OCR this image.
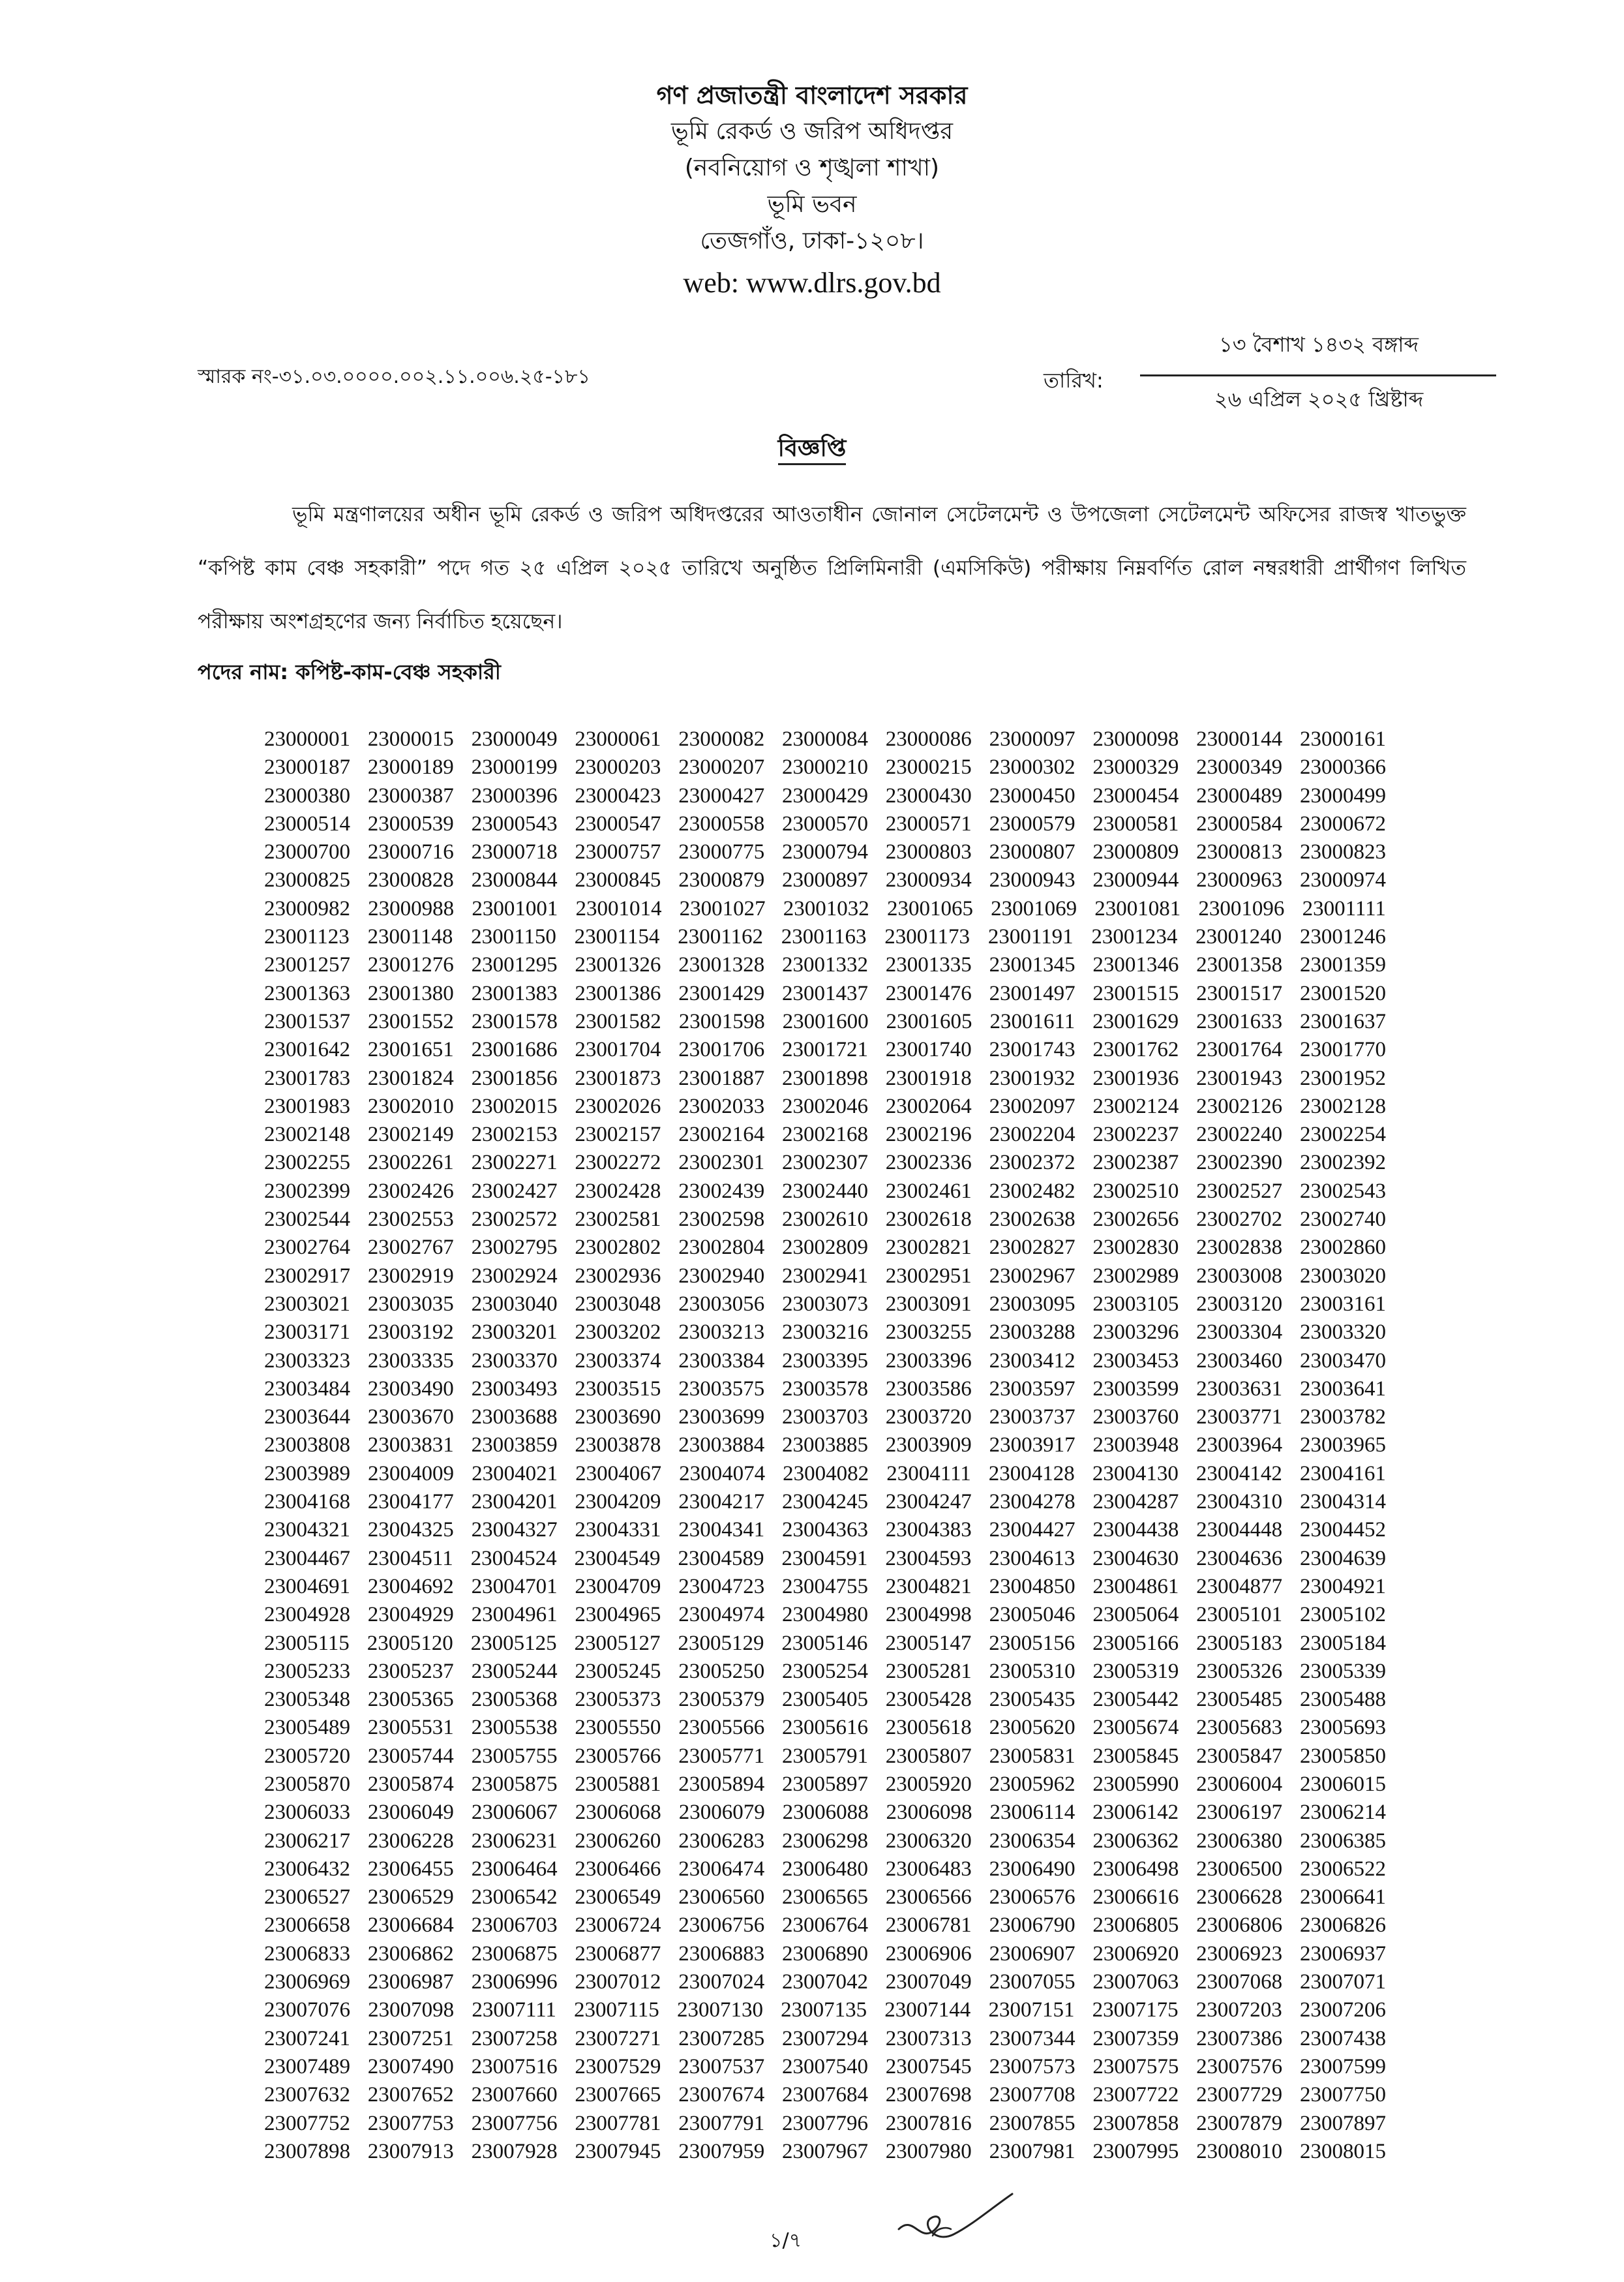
গণ প্রজাতন্ত্রী বাংলাদেশ সরকার
ভূমি রেকর্ড ও জরিপ অধিদপ্তর
(নবনিয়োগ ও শৃঙ্খলা শাখা)
ভূমি ভবন
তেজগাঁও, ঢাকা-১২০৮।
web: www.dlrs.gov.bd
স্মারক নং-৩১.০৩.০০০০.০০২.১১.০০৬.২৫-১৮১	তারিখ:
১৩ বৈশাখ ১৪৩২ বঙ্গাব্দ
২৬ এপ্রিল ২০২৫ খ্রিষ্টাব্দ
বিজ্ঞপ্তি
ভূমি মন্ত্রণালয়ের অধীন ভূমি রেকর্ড ও জরিপ অধিদপ্তরের আওতাধীন জোনাল সেটেলমেন্ট ও উপজেলা সেটেলমেন্ট অফিসের রাজস্ব খাতভুক্ত “কপিষ্ট কাম বেঞ্চ সহকারী” পদে গত ২৫ এপ্রিল ২০২৫ তারিখে অনুষ্ঠিত প্রিলিমিনারী (এমসিকিউ) পরীক্ষায় নিম্নবর্ণিত রোল নম্বরধারী প্রার্থীগণ লিখিত পরীক্ষায় অংশগ্রহণের জন্য নির্বাচিত হয়েছেন।
পদের নাম: কপিষ্ট-কাম-বেঞ্চ সহকারী
23000001 23000015 23000049 23000061 23000082 23000084 23000086 23000097 23000098 23000144 23000161
23000187 23000189 23000199 23000203 23000207 23000210 23000215 23000302 23000329 23000349 23000366
23000380 23000387 23000396 23000423 23000427 23000429 23000430 23000450 23000454 23000489 23000499
23000514 23000539 23000543 23000547 23000558 23000570 23000571 23000579 23000581 23000584 23000672
23000700 23000716 23000718 23000757 23000775 23000794 23000803 23000807 23000809 23000813 23000823
23000825 23000828 23000844 23000845 23000879 23000897 23000934 23000943 23000944 23000963 23000974
23000982 23000988 23001001 23001014 23001027 23001032 23001065 23001069 23001081 23001096 23001111
23001123 23001148 23001150 23001154 23001162 23001163 23001173 23001191 23001234 23001240 23001246
23001257 23001276 23001295 23001326 23001328 23001332 23001335 23001345 23001346 23001358 23001359
23001363 23001380 23001383 23001386 23001429 23001437 23001476 23001497 23001515 23001517 23001520
23001537 23001552 23001578 23001582 23001598 23001600 23001605 23001611 23001629 23001633 23001637
23001642 23001651 23001686 23001704 23001706 23001721 23001740 23001743 23001762 23001764 23001770
23001783 23001824 23001856 23001873 23001887 23001898 23001918 23001932 23001936 23001943 23001952
23001983 23002010 23002015 23002026 23002033 23002046 23002064 23002097 23002124 23002126 23002128
23002148 23002149 23002153 23002157 23002164 23002168 23002196 23002204 23002237 23002240 23002254
23002255 23002261 23002271 23002272 23002301 23002307 23002336 23002372 23002387 23002390 23002392
23002399 23002426 23002427 23002428 23002439 23002440 23002461 23002482 23002510 23002527 23002543
23002544 23002553 23002572 23002581 23002598 23002610 23002618 23002638 23002656 23002702 23002740
23002764 23002767 23002795 23002802 23002804 23002809 23002821 23002827 23002830 23002838 23002860
23002917 23002919 23002924 23002936 23002940 23002941 23002951 23002967 23002989 23003008 23003020
23003021 23003035 23003040 23003048 23003056 23003073 23003091 23003095 23003105 23003120 23003161
23003171 23003192 23003201 23003202 23003213 23003216 23003255 23003288 23003296 23003304 23003320
23003323 23003335 23003370 23003374 23003384 23003395 23003396 23003412 23003453 23003460 23003470
23003484 23003490 23003493 23003515 23003575 23003578 23003586 23003597 23003599 23003631 23003641
23003644 23003670 23003688 23003690 23003699 23003703 23003720 23003737 23003760 23003771 23003782
23003808 23003831 23003859 23003878 23003884 23003885 23003909 23003917 23003948 23003964 23003965
23003989 23004009 23004021 23004067 23004074 23004082 23004111 23004128 23004130 23004142 23004161
23004168 23004177 23004201 23004209 23004217 23004245 23004247 23004278 23004287 23004310 23004314
23004321 23004325 23004327 23004331 23004341 23004363 23004383 23004427 23004438 23004448 23004452
23004467 23004511 23004524 23004549 23004589 23004591 23004593 23004613 23004630 23004636 23004639
23004691 23004692 23004701 23004709 23004723 23004755 23004821 23004850 23004861 23004877 23004921
23004928 23004929 23004961 23004965 23004974 23004980 23004998 23005046 23005064 23005101 23005102
23005115 23005120 23005125 23005127 23005129 23005146 23005147 23005156 23005166 23005183 23005184
23005233 23005237 23005244 23005245 23005250 23005254 23005281 23005310 23005319 23005326 23005339
23005348 23005365 23005368 23005373 23005379 23005405 23005428 23005435 23005442 23005485 23005488
23005489 23005531 23005538 23005550 23005566 23005616 23005618 23005620 23005674 23005683 23005693
23005720 23005744 23005755 23005766 23005771 23005791 23005807 23005831 23005845 23005847 23005850
23005870 23005874 23005875 23005881 23005894 23005897 23005920 23005962 23005990 23006004 23006015
23006033 23006049 23006067 23006068 23006079 23006088 23006098 23006114 23006142 23006197 23006214
23006217 23006228 23006231 23006260 23006283 23006298 23006320 23006354 23006362 23006380 23006385
23006432 23006455 23006464 23006466 23006474 23006480 23006483 23006490 23006498 23006500 23006522
23006527 23006529 23006542 23006549 23006560 23006565 23006566 23006576 23006616 23006628 23006641
23006658 23006684 23006703 23006724 23006756 23006764 23006781 23006790 23006805 23006806 23006826
23006833 23006862 23006875 23006877 23006883 23006890 23006906 23006907 23006920 23006923 23006937
23006969 23006987 23006996 23007012 23007024 23007042 23007049 23007055 23007063 23007068 23007071
23007076 23007098 23007111 23007115 23007130 23007135 23007144 23007151 23007175 23007203 23007206
23007241 23007251 23007258 23007271 23007285 23007294 23007313 23007344 23007359 23007386 23007438
23007489 23007490 23007516 23007529 23007537 23007540 23007545 23007573 23007575 23007576 23007599
23007632 23007652 23007660 23007665 23007674 23007684 23007698 23007708 23007722 23007729 23007750
23007752 23007753 23007756 23007781 23007791 23007796 23007816 23007855 23007858 23007879 23007897
23007898 23007913 23007928 23007945 23007959 23007967 23007980 23007981 23007995 23008010 23008015
১/৭
